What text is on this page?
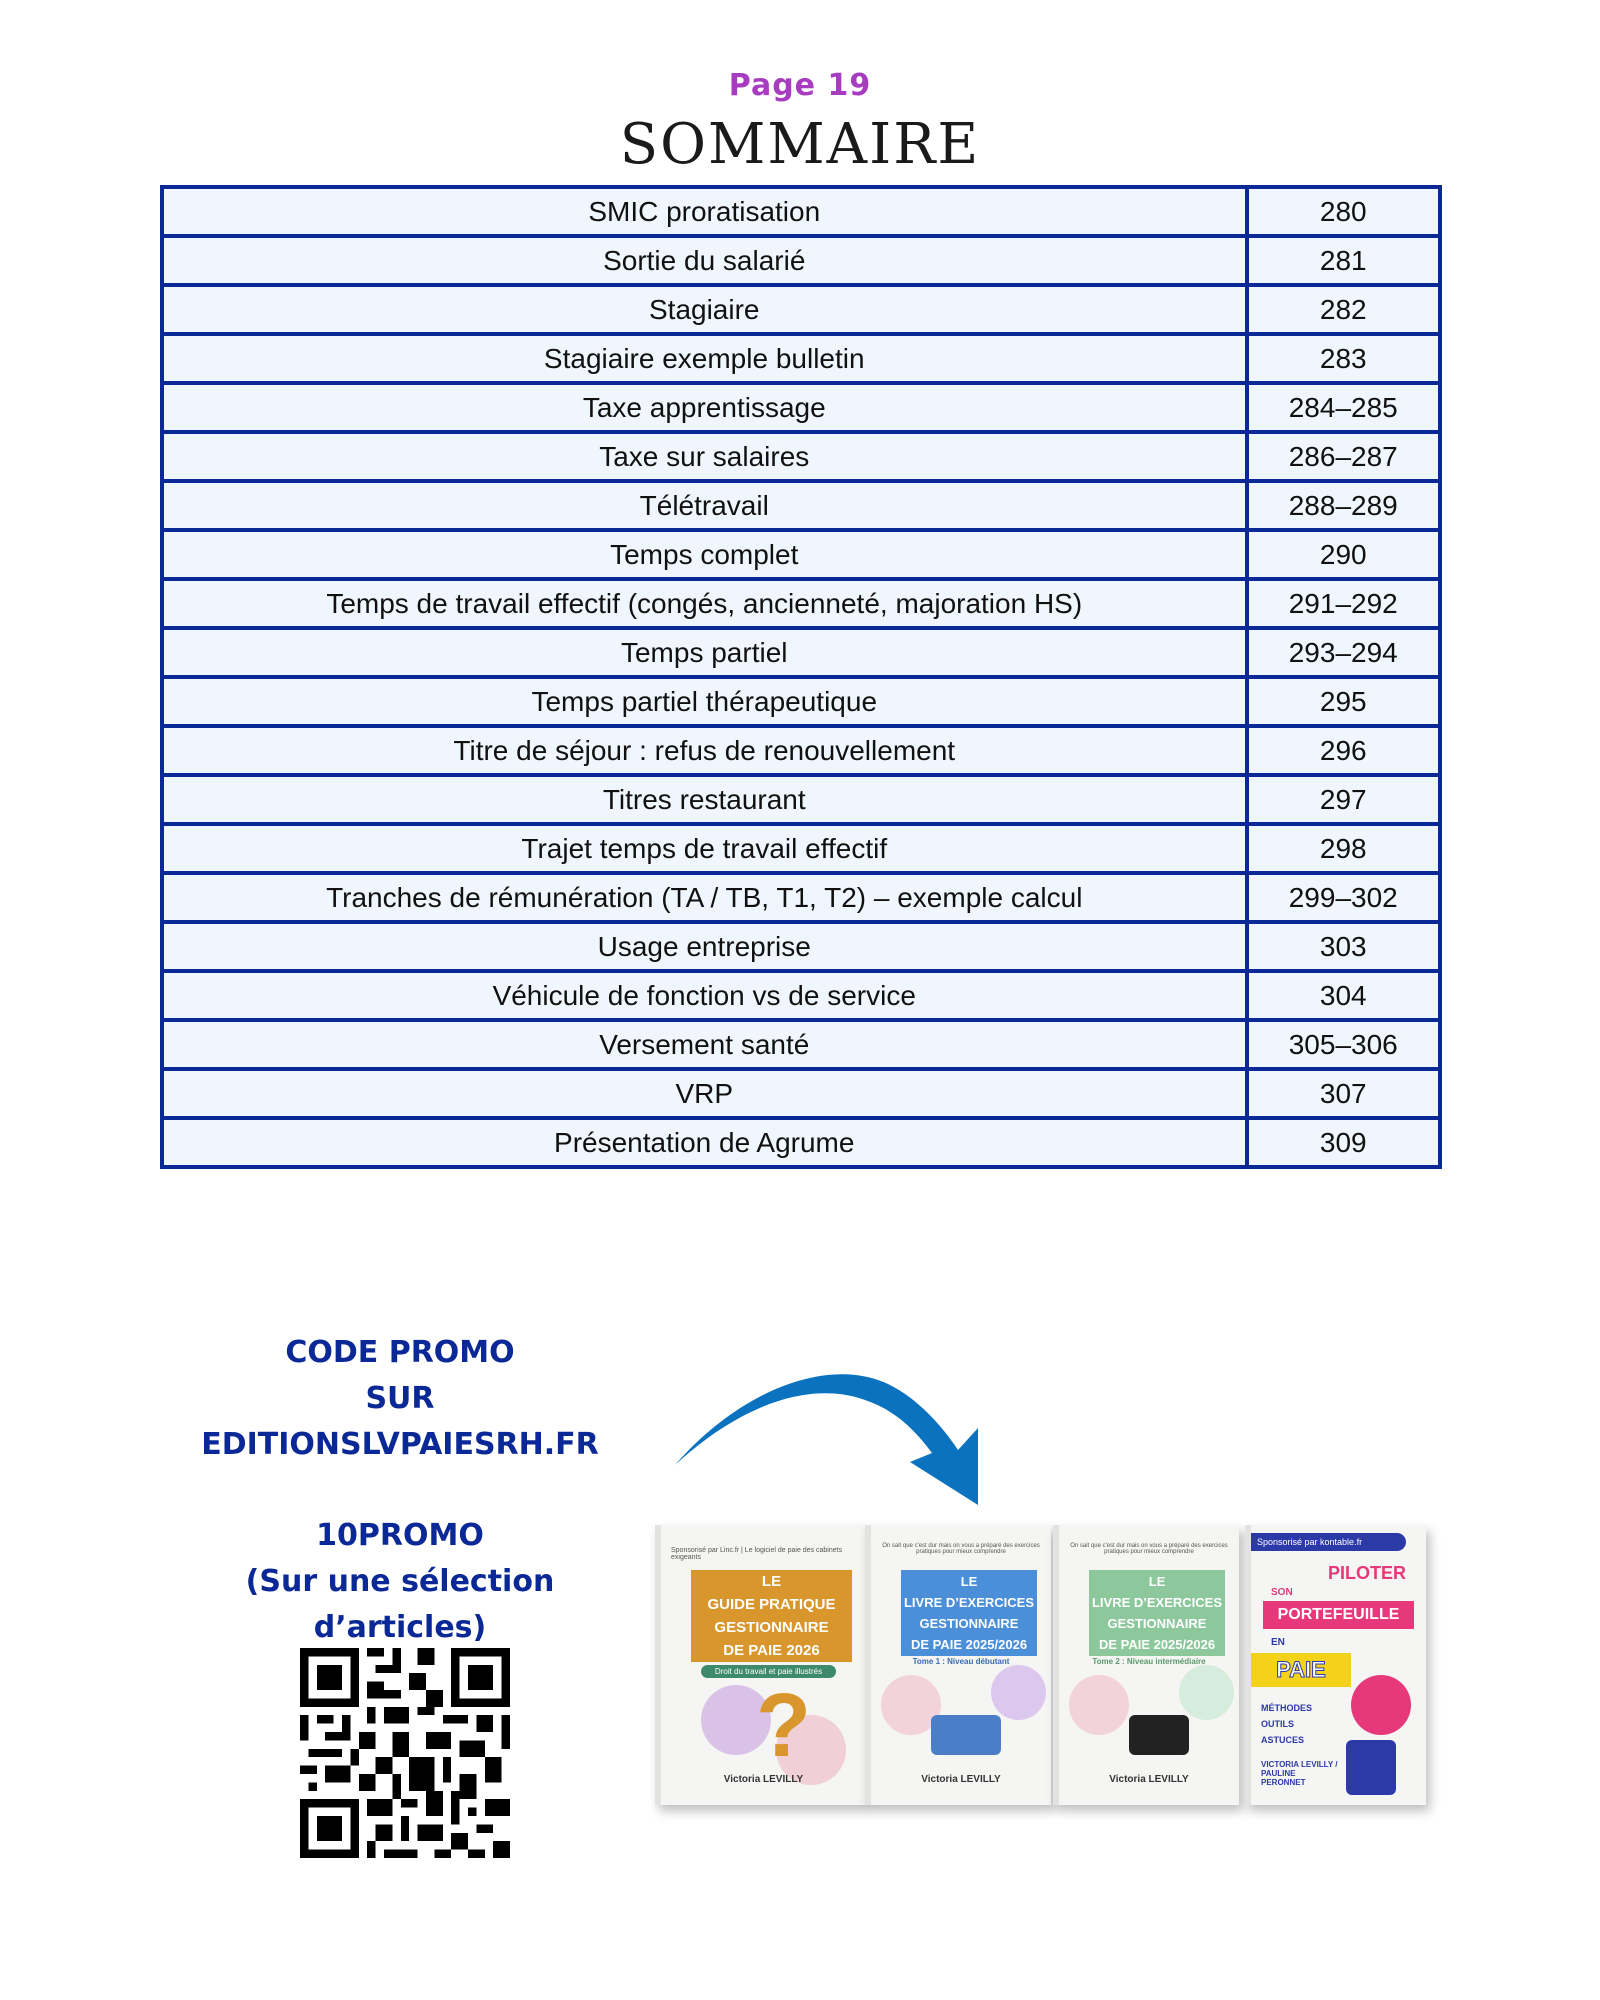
Page 19
SOMMAIRE
SMIC proratisation	280
Sortie du salarié	281
Stagiaire	282
Stagiaire exemple bulletin	283
Taxe apprentissage	284–285
Taxe sur salaires	286–287
Télétravail	288–289
Temps complet	290
Temps de travail effectif (congés, ancienneté, majoration HS)	291–292
Temps partiel	293–294
Temps partiel thérapeutique	295
Titre de séjour : refus de renouvellement	296
Titres restaurant	297
Trajet temps de travail effectif	298
Tranches de rémunération (TA / TB, T1, T2) – exemple calcul	299–302
Usage entreprise	303
Véhicule de fonction vs de service	304
Versement santé	305–306
VRP	307
Présentation de Agrume	309
CODE PROMO
SUR
EDITIONSLVPAIESRH.FR
10PROMO
(Sur une sélection d’articles)
Sponsorisé par Linc.fr | Le logiciel de paie des cabinets exigeants
LE
GUIDE PRATIQUE
GESTIONNAIRE
DE PAIE 2026
Droit du travail et paie illustrés
?
Victoria LEVILLY
On sait que c'est dur mais on vous a préparé des exercices pratiques pour mieux comprendre
LE
LIVRE D’EXERCICES
GESTIONNAIRE
DE PAIE 2025/2026
Tome 1 : Niveau débutant
Victoria LEVILLY
On sait que c'est dur mais on vous a préparé des exercices pratiques pour mieux comprendre
LE
LIVRE D’EXERCICES
GESTIONNAIRE
DE PAIE 2025/2026
Tome 2 : Niveau intermédiaire
Victoria LEVILLY
Sponsorisé par kontable.fr
PILOTER
SON
PORTEFEUILLE
EN
PAIE
MÉTHODES
OUTILS
ASTUCES
VICTORIA LEVILLY / PAULINE PERONNET
